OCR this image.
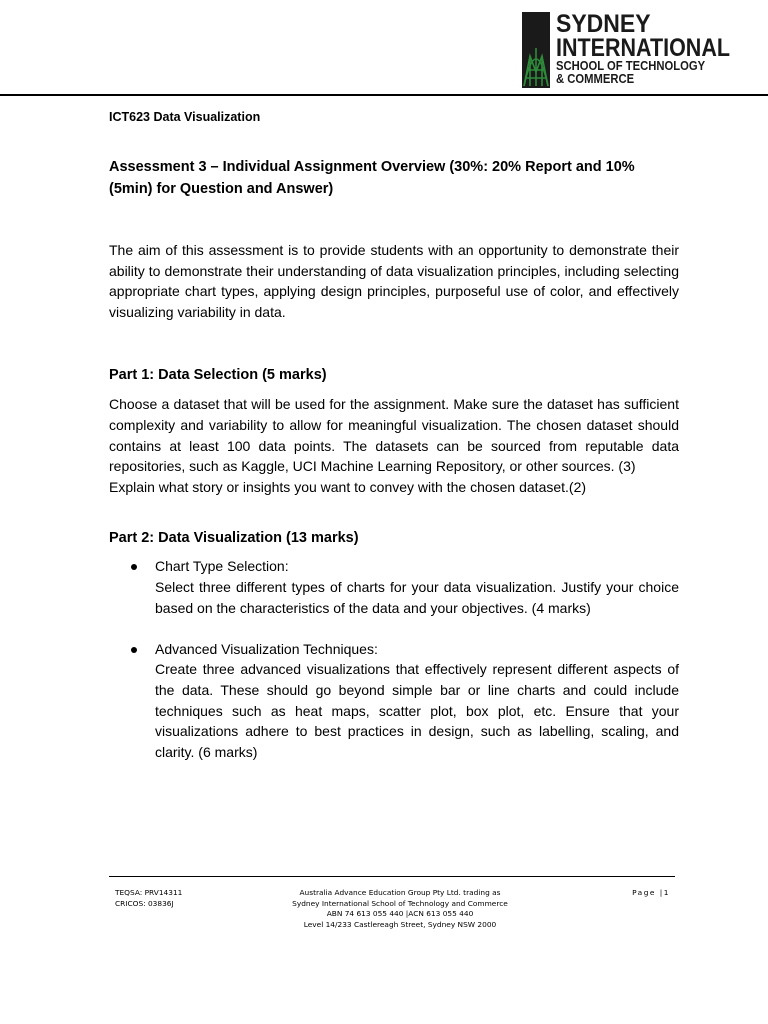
SYDNEY
INTERNATIONAL
SCHOOL OF TECHNOLOGY
& COMMERCE

ICT623 Data Visualization

Assessment 3 – Individual Assignment Overview (30%: 20% Report and 10% (5min) for Question and Answer)

The aim of this assessment is to provide students with an opportunity to demonstrate their ability to demonstrate their understanding of data visualization principles, including selecting appropriate chart types, applying design principles, purposeful use of color, and effectively visualizing variability in data.

Part 1: Data Selection (5 marks)

Choose a dataset that will be used for the assignment. Make sure the dataset has sufficient complexity and variability to allow for meaningful visualization. The chosen dataset should contains at least 100 data points. The datasets can be sourced from reputable data repositories, such as Kaggle, UCI Machine Learning Repository, or other sources. (3)

Explain what story or insights you want to convey with the chosen dataset.(2)

Part 2: Data Visualization (13 marks)

Chart Type Selection:
Select three different types of charts for your data visualization. Justify your choice based on the characteristics of the data and your objectives. (4 marks)
Advanced Visualization Techniques:
Create three advanced visualizations that effectively represent different aspects of the data. These should go beyond simple bar or line charts and could include techniques such as heat maps, scatter plot, box plot, etc. Ensure that your visualizations adhere to best practices in design, such as labelling, scaling, and clarity. (6 marks)
TEQSA: PRV14311
CRICOS: 03836J
Australia Advance Education Group Pty Ltd. trading as
Sydney International School of Technology and Commerce
ABN 74 613 055 440 |ACN 613 055 440
Level 14/233 Castlereagh Street, Sydney NSW 2000
Page |1
